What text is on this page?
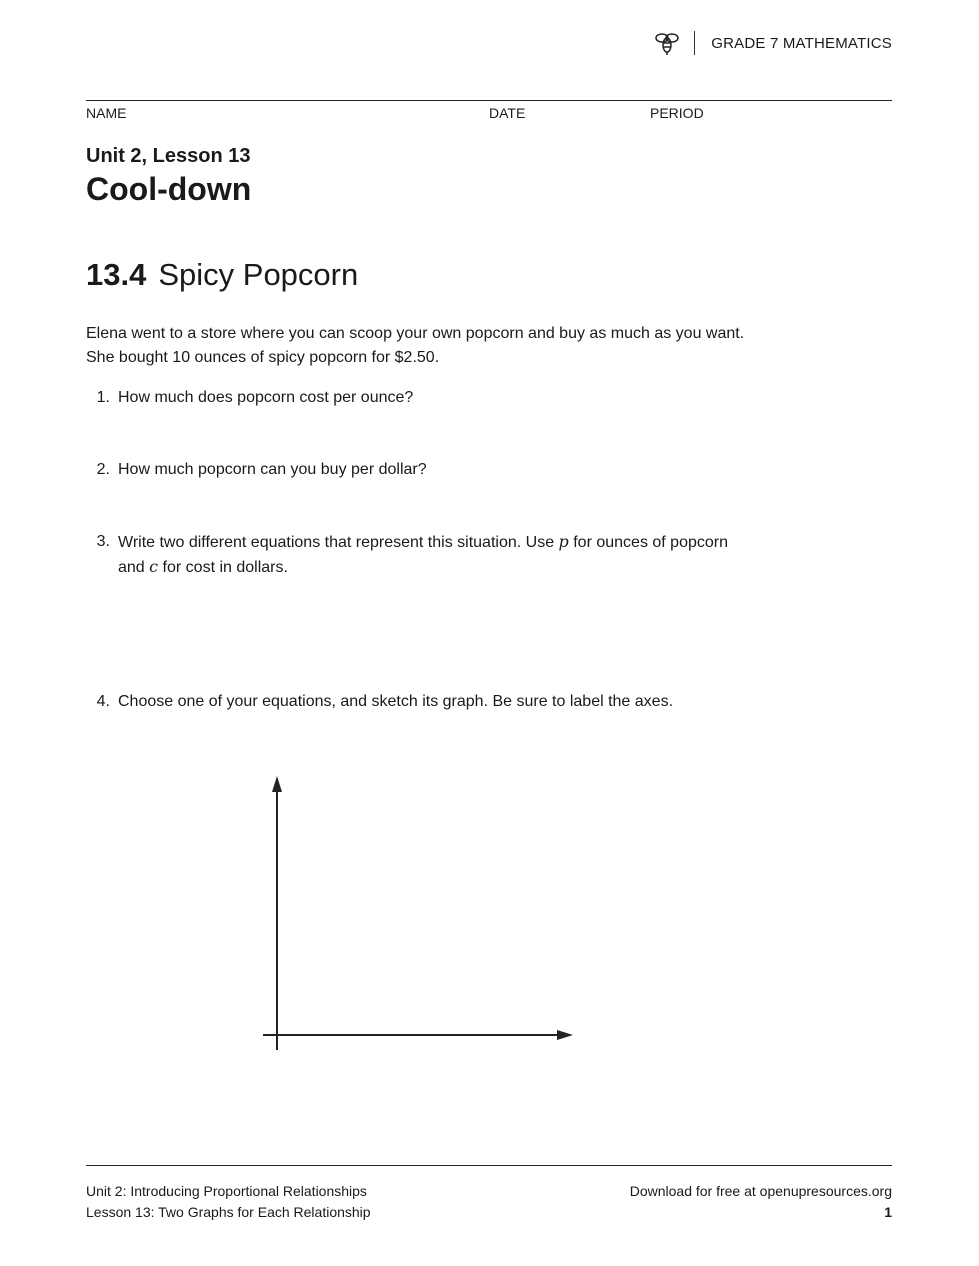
GRADE 7 MATHEMATICS
NAME	DATE	PERIOD
Unit 2, Lesson 13
Cool-down
13.4 Spicy Popcorn
Elena went to a store where you can scoop your own popcorn and buy as much as you want. She bought 10 ounces of spicy popcorn for $2.50.
1. How much does popcorn cost per ounce?
2. How much popcorn can you buy per dollar?
3. Write two different equations that represent this situation. Use p for ounces of popcorn and c for cost in dollars.
4. Choose one of your equations, and sketch its graph. Be sure to label the axes.
Unit 2: Introducing Proportional Relationships
Lesson 13: Two Graphs for Each Relationship
Download for free at openupresources.org
1
